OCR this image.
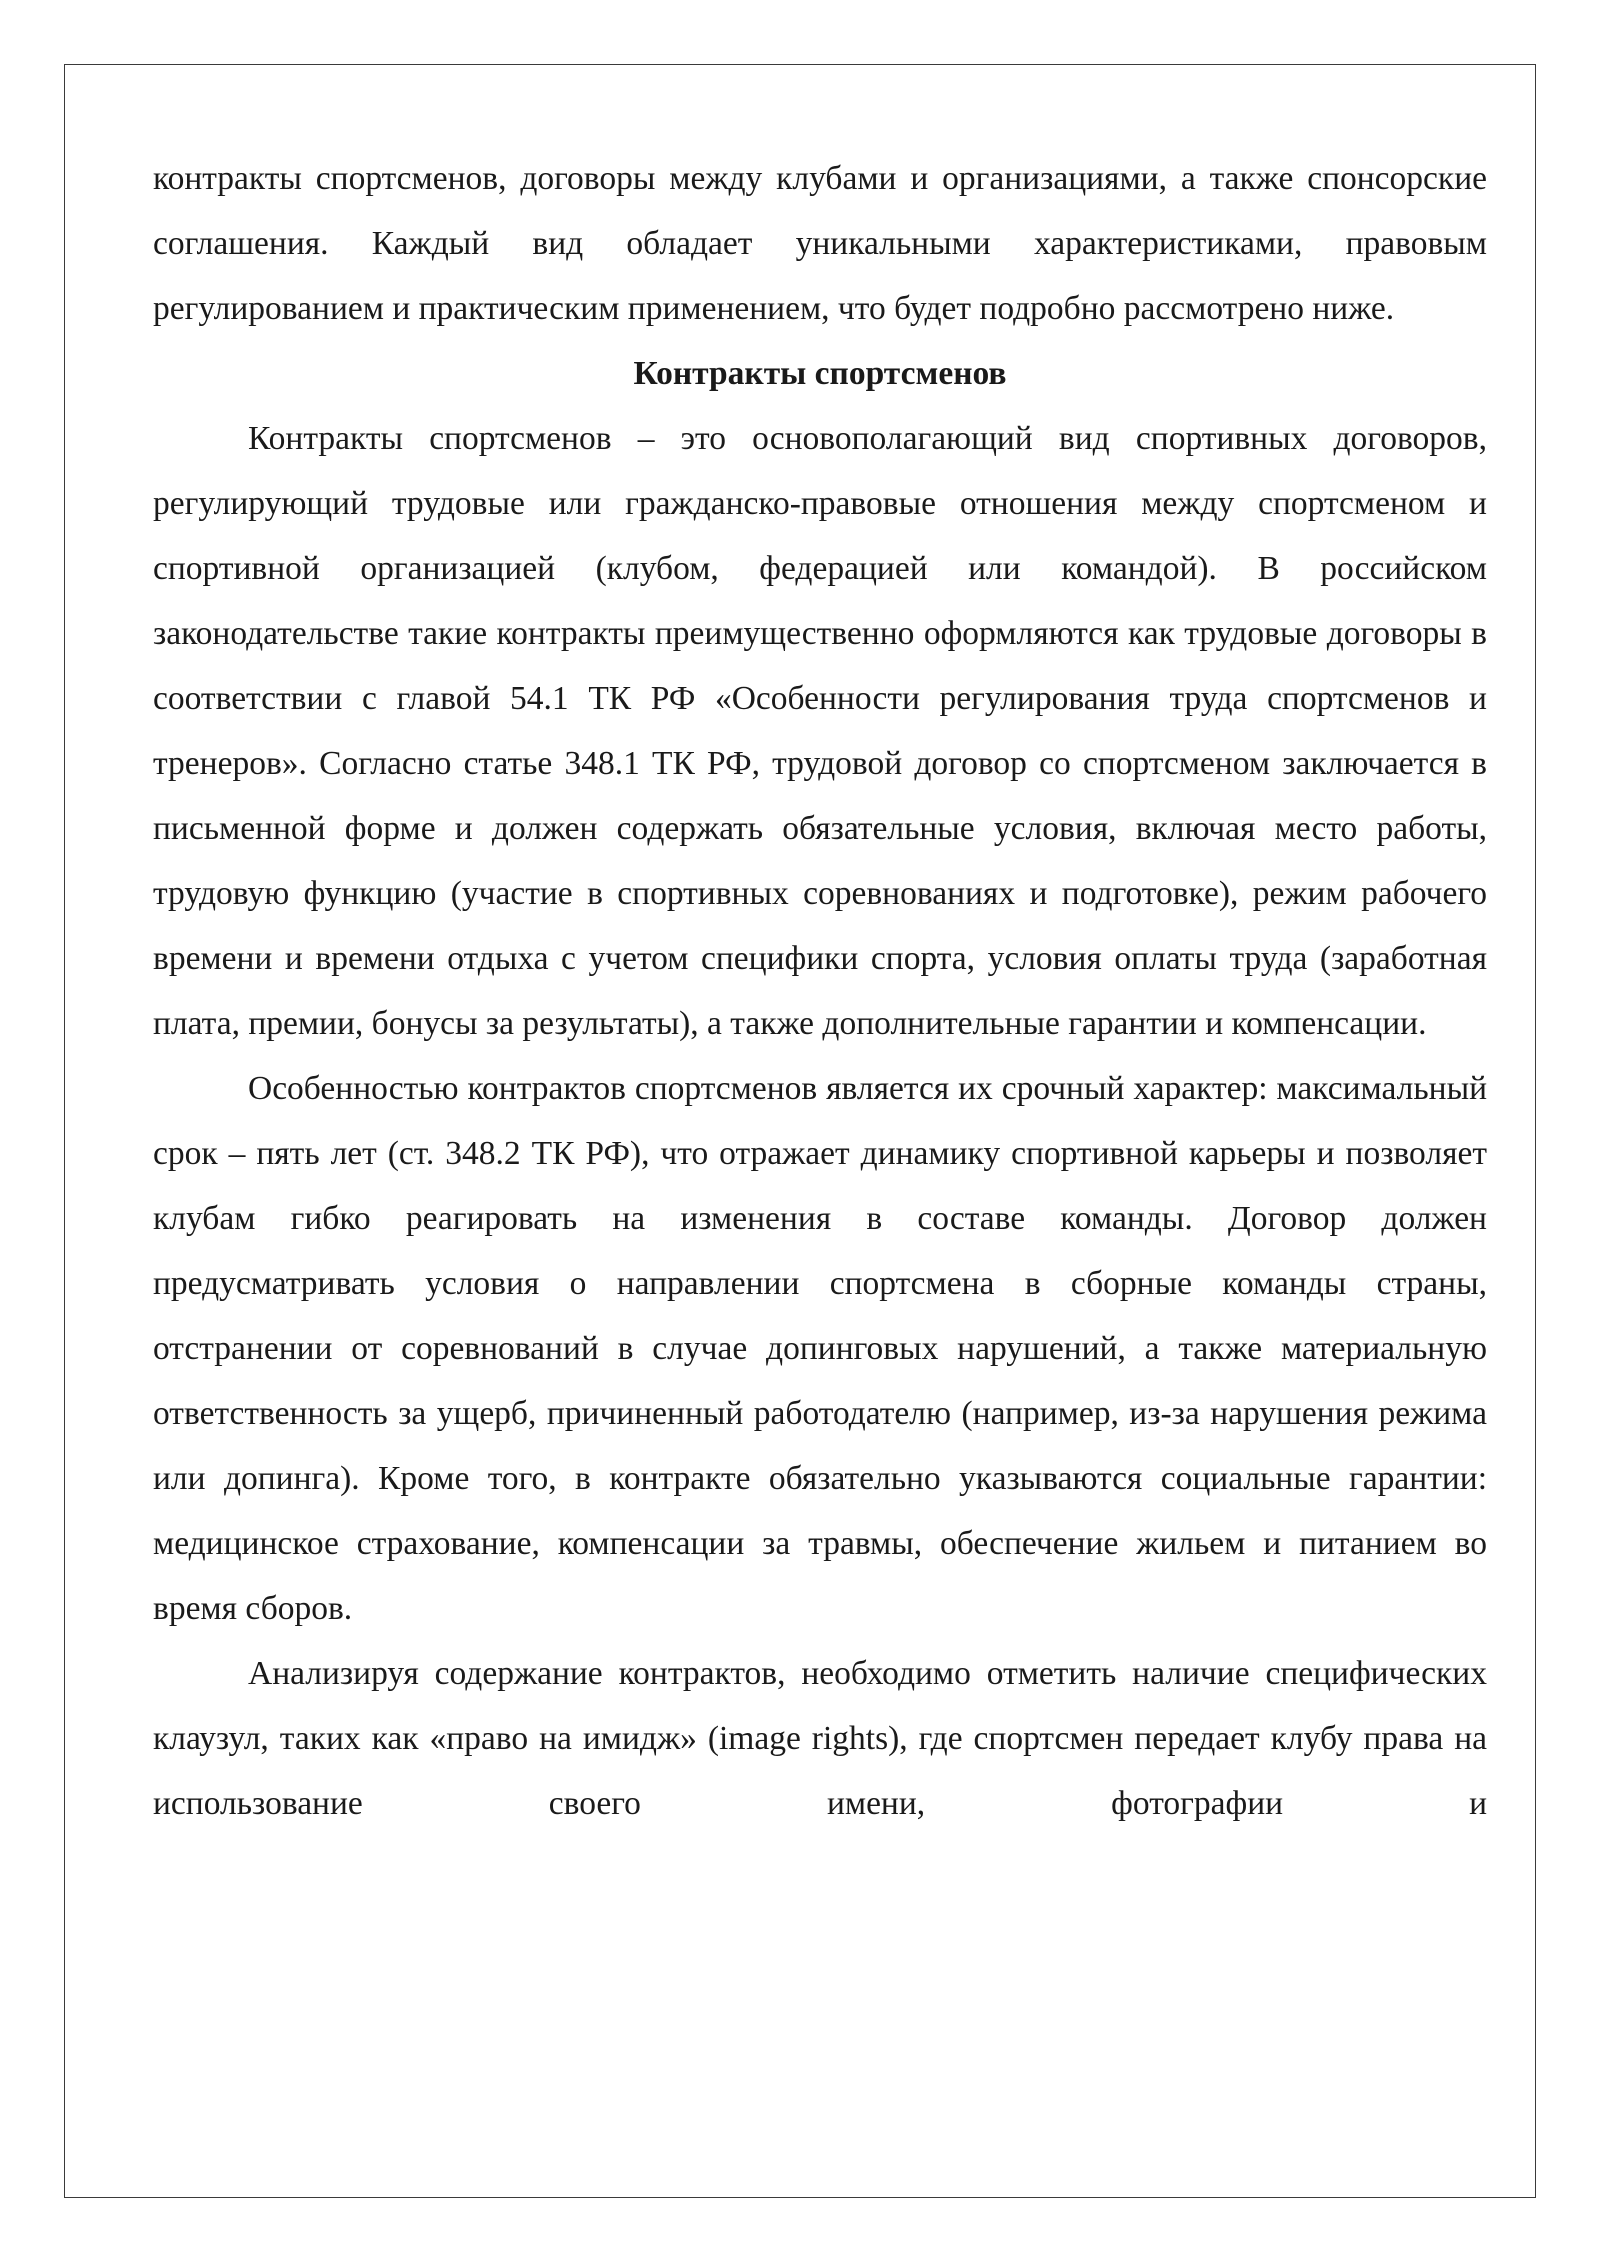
контракты спортсменов, договоры между клубами и организациями, а также спонсорские соглашения. Каждый вид обладает уникальными характеристиками, правовым регулированием и практическим применением, что будет подробно рассмотрено ниже.

Контракты спортсменов

Контракты спортсменов – это основополагающий вид спортивных договоров, регулирующий трудовые или гражданско-правовые отношения между спортсменом и спортивной организацией (клубом, федерацией или командой). В российском законодательстве такие контракты преимущественно оформляются как трудовые договоры в соответствии с главой 54.1 ТК РФ «Особенности регулирования труда спортсменов и тренеров». Согласно статье 348.1 ТК РФ, трудовой договор со спортсменом заключается в письменной форме и должен содержать обязательные условия, включая место работы, трудовую функцию (участие в спортивных соревнованиях и подготовке), режим рабочего времени и времени отдыха с учетом специфики спорта, условия оплаты труда (заработная плата, премии, бонусы за результаты), а также дополнительные гарантии и компенсации.

Особенностью контрактов спортсменов является их срочный характер: максимальный срок – пять лет (ст. 348.2 ТК РФ), что отражает динамику спортивной карьеры и позволяет клубам гибко реагировать на изменения в составе команды. Договор должен предусматривать условия о направлении спортсмена в сборные команды страны, отстранении от соревнований в случае допинговых нарушений, а также материальную ответственность за ущерб, причиненный работодателю (например, из-за нарушения режима или допинга). Кроме того, в контракте обязательно указываются социальные гарантии: медицинское страхование, компенсации за травмы, обеспечение жильем и питанием во время сборов.

Анализируя содержание контрактов, необходимо отметить наличие специфических клаузул, таких как «право на имидж» (image rights), где спортсмен передает клубу права на использование своего имени, фотографии и
